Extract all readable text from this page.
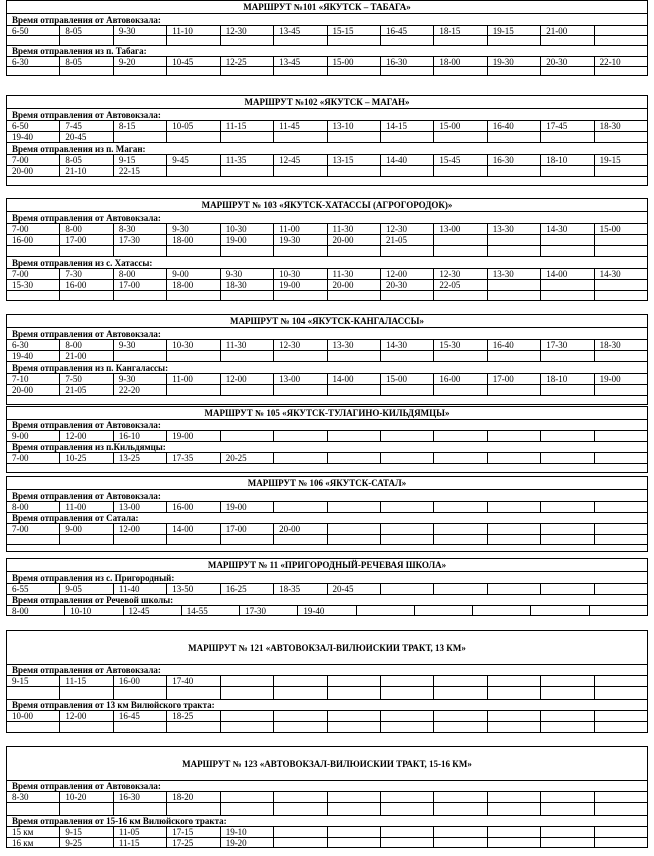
МАРШРУТ №101 «ЯКУТСК – ТАБАГА»
Время отправления от Автовокзала:
6-50	8-05	9-30	11-10	12-30	13-45	15-15	16-45	18-15	19-15	21-00
Время отправления из п. Табага:
6-30	8-05	9-20	10-45	12-25	13-45	15-00	16-30	18-00	19-30	20-30	22-10
МАРШРУТ №102 «ЯКУТСК – МАГАН»
Время отправления от Автовокзала:
6-50	7-45	8-15	10-05	11-15	11-45	13-10	14-15	15-00	16-40	17-45	18-30
19-40	20-45
Время отправления из п. Маган:
7-00	8-05	9-15	9-45	11-35	12-45	13-15	14-40	15-45	16-30	18-10	19-15
20-00	21-10	22-15
МАРШРУТ № 103 «ЯКУТСК-ХАТАССЫ (АГРОГОРОДОК)»
Время отправления от Автовокзала:
7-00	8-00	8-30	9-30	10-30	11-00	11-30	12-30	13-00	13-30	14-30	15-00
16-00	17-00	17-30	18-00	19-00	19-30	20-00	21-05
Время отправления из с. Хатассы:
7-00	7-30	8-00	9-00	9-30	10-30	11-30	12-00	12-30	13-30	14-00	14-30
15-30	16-00	17-00	18-00	18-30	19-00	20-00	20-30	22-05
МАРШРУТ № 104 «ЯКУТСК-КАНГАЛАССЫ»
Время отправления от Автовокзала:
6-30	8-00	9-30	10-30	11-30	12-30	13-30	14-30	15-30	16-40	17-30	18-30
19-40	21-00
Время отправления из п. Кангалассы:
7-10	7-50	9-30	11-00	12-00	13-00	14-00	15-00	16-00	17-00	18-10	19-00
20-00	21-05	22-20
МАРШРУТ № 105 «ЯКУТСК-ТУЛАГИНО-КИЛЬДЯМЦЫ»
Время отправления от Автовокзала:
9-00	12-00	16-10	19-00
Время отправления из п.Кильдямцы:
7-00	10-25	13-25	17-35	20-25
МАРШРУТ № 106 «ЯКУТСК-САТАЛ»
Время отправления от Автовокзала:
8-00	11-00	13-00	16-00	19-00
Время отправления от Сатала:
7-00	9-00	12-00	14-00	17-00	20-00
МАРШРУТ № 11 «ПРИГОРОДНЫЙ-РЕЧЕВАЯ ШКОЛА»
Время отправления из с. Пригородный:
6-55	9-05	11-40	13-50	16-25	18-35	20-45
Время отправления от Речевой школы:
8-00	10-10	12-45	14-55	17-30	19-40
МАРШРУТ № 121 «АВТОВОКЗАЛ-ВИЛЮИСКИИ ТРАКТ, 13 КМ»
Время отправления от Автовокзала:
9-15	11-15	16-00	17-40
Время отправления от 13 км Вилюйского тракта:
10-00	12-00	16-45	18-25
МАРШРУТ № 123 «АВТОВОКЗАЛ-ВИЛЮИСКИИ ТРАКТ, 15-16 КМ»
Время отправления от Автовокзала:
8-30	10-20	16-30	18-20
Время отправления от 15-16 км Вилюйского тракта:
15 км	9-15	11-05	17-15	19-10
16 км	9-25	11-15	17-25	19-20
